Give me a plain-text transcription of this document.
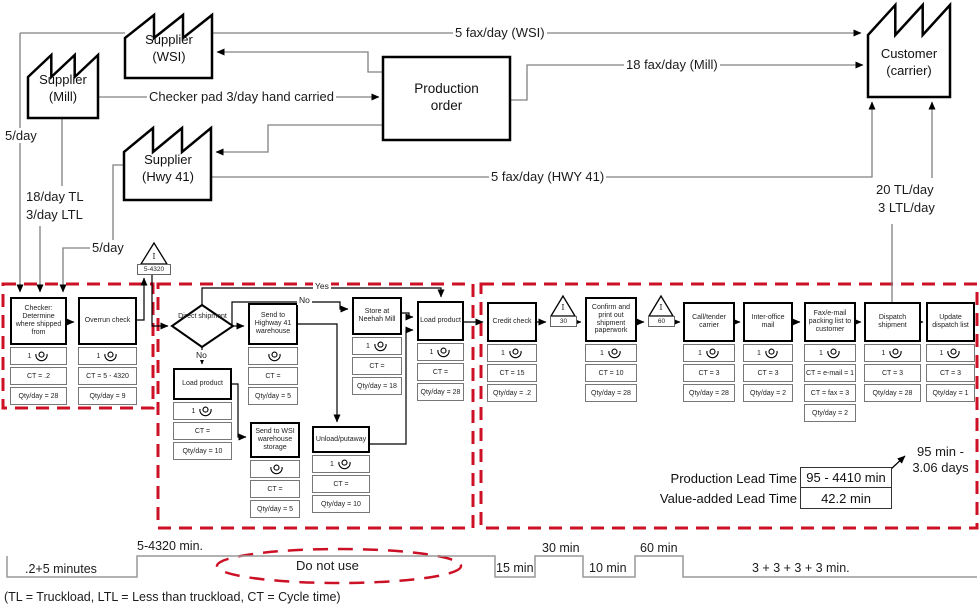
Supplier
(WSI)
Supplier
(Mill)
Supplier
(Hwy 41)
Customer
(carrier)
Production
order
5 fax/day (WSI)
18 fax/day (Mill)
Checker pad 3/day hand carried
5 fax/day (HWY 41)
5/day
18/day TL
3/day LTL
5/day
20 TL/day
3 LTL/day
Yes
No
No
Direct shipment
I
5-4320
I
30
I
60
Checker: Determine where shipped from
1
CT = .2
Qty/day = 28
Overrun check
1
CT = 5 - 4320
Qty/day = 9
Load product
1
CT =
Qty/day = 10
Send to Highway 41 warehouse
CT =
Qty/day = 5
Store at Neehah Mill
1
CT =
Qty/day = 18
Load product
1
CT =
Qty/day = 28
Send to WSI warehouse storage
CT =
Qty/day = 5
Unload/putaway
1
CT =
Qty/day = 10
Credit check
1
CT = 15
Qty/day = .2
Confirm and print out shipment paperwork
1
CT = 10
Qty/day = 28
Call/tender carrier
1
CT = 3
Qty/day = 28
Inter-office mail
1
CT = 3
Qty/day = 2
Fax/e-mail packing list to customer
1
CT = e-mail = 1
CT = fax = 3
Qty/day = 2
Dispatch shipment
1
CT = 3
Qty/day = 28
Update dispatch list
1
CT = 3
Qty/day = 1
Production Lead Time 95 - 4410 min
Value-added Lead Time	42.2 min
95 min -
3.06 days
.2+5 minutes
5-4320 min.
Do not use	15 min
30 min
10 min
60 min
3 + 3 + 3 + 3 min.
(TL = Truckload, LTL = Less than truckload, CT = Cycle time)
